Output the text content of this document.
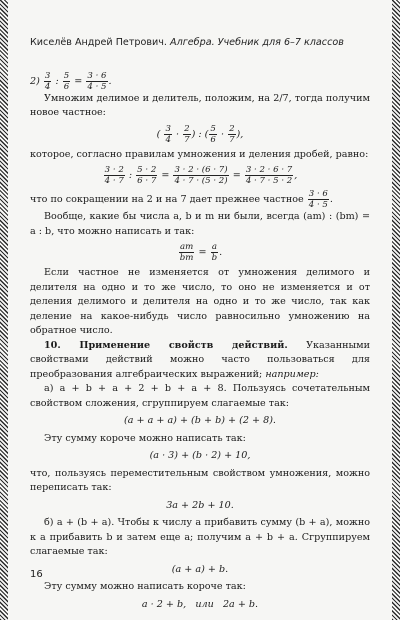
Киселёв Андрей Петрович. Алгебра. Учебник для 6–7 классов

$2) \frac{3}{4}$ : $\frac{5}{6} = \frac{3 \cdot 6}{4 \cdot 5}$ .

Умножим делимое и делитель, положим, на 2/7, тогда получим новое частное:

( $\frac{3}{4} \cdot \frac{2}{7}$ ) : ( $\frac{5}{6} \cdot \frac{2}{7}$ ),

которое, согласно правилам умножения и деления дробей, равно:

$\frac{3 \cdot 2}{4 \cdot 7}$ : $\frac{5 \cdot 2}{6 \cdot 7} = \frac{3 \cdot 2 \cdot (6 \cdot 7)}{4 \cdot 7 \cdot (5 \cdot 2)} = \frac{3 \cdot 2 \cdot 6 \cdot 7}{4 \cdot 7 \cdot 5 \cdot 2}$ ,

что по сокращении на 2 и на 7 дает прежнее частное $\frac{3 \cdot 6}{4 \cdot 5}$ .

Вообще, какие бы числа a, b и m ни были, всегда (am) : (bm) = a : b, что можно написать и так:

$\frac{am}{bm} = \frac{a}{b}$ .

Если частное не изменяется от умножения делимого и делителя на одно и то же число, то оно не изменяется и от деления делимого и делителя на одно и то же число, так как деление на какое-нибудь число равносильно умножению на обратное число.

10. Применение свойств действий. Указанными свойствами действий можно часто пользоваться для преобразования алгебраических выражений; например:

а) a + b + a + 2 + b + a + 8. Пользуясь сочетательным свойством сложения, сгруппируем слагаемые так:

(a + a + a) + (b + b) + (2 + 8).

Эту сумму короче можно написать так:

(a · 3) + (b · 2) + 10,

что, пользуясь переместительным свойством умножения, можно переписать так:

3a + 2b + 10.

б) a + (b + a). Чтобы к числу a прибавить сумму (b + a), можно к a прибавить b и затем еще a; получим a + b + a. Сгруппируем слагаемые так:

(a + a) + b.

Эту сумму можно написать короче так:

a · 2 + b,   или   2a + b.

16
